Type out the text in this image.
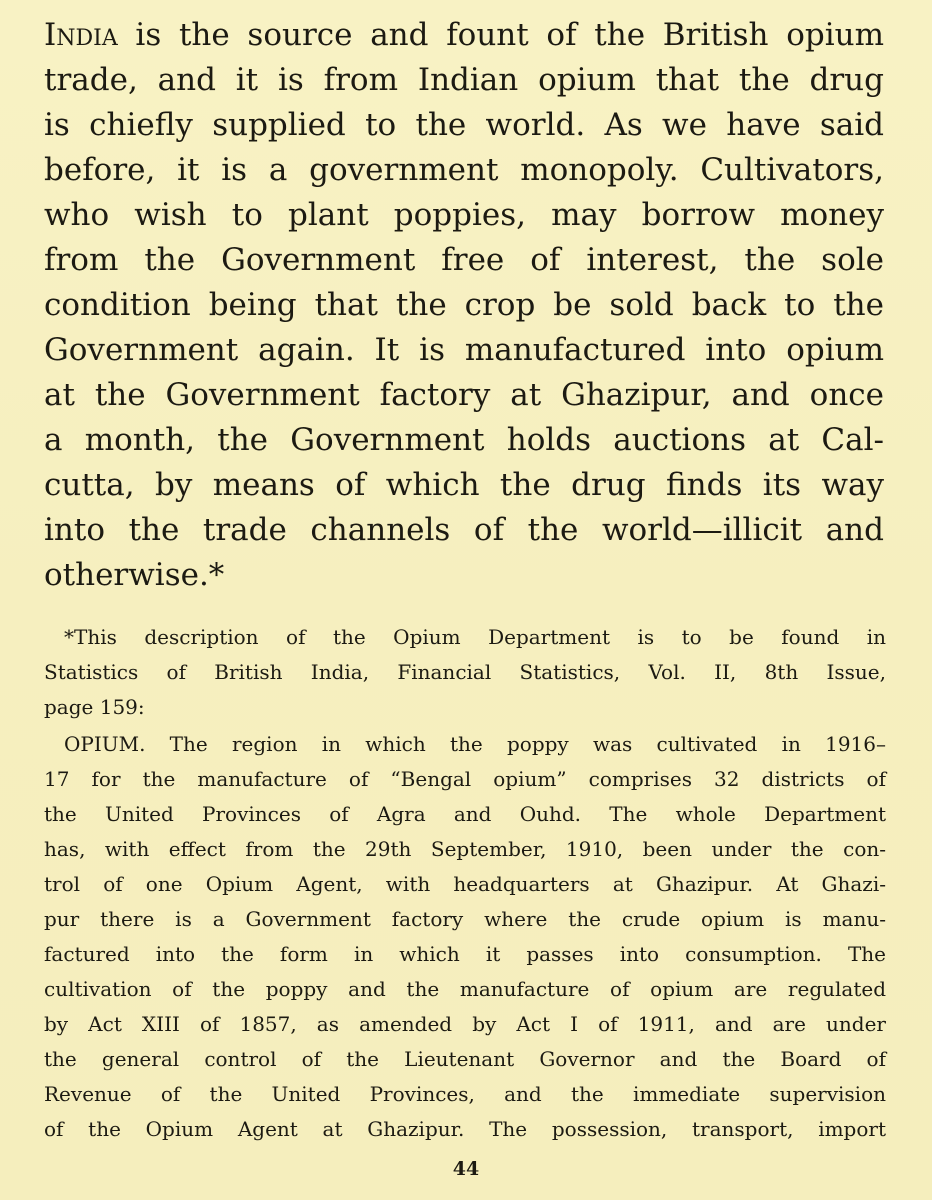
India is the source and fount of the British opium
trade, and it is from Indian opium that the drug
is chiefly supplied to the world. As we have said
before, it is a government monopoly. Cultivators,
who wish to plant poppies, may borrow money
from the Government free of interest, the sole
condition being that the crop be sold back to the
Government again. It is manufactured into opium
at the Government factory at Ghazipur, and once
a month, the Government holds auctions at Cal-
cutta, by means of which the drug finds its way
into the trade channels of the world—illicit and
otherwise.*
*This description of the Opium Department is to be found in
Statistics of British India, Financial Statistics, Vol. II, 8th Issue,
page 159:
OPIUM. The region in which the poppy was cultivated in 1916–
17 for the manufacture of “Bengal opium” comprises 32 districts of
the United Provinces of Agra and Ouhd. The whole Department
has, with effect from the 29th September, 1910, been under the con-
trol of one Opium Agent, with headquarters at Ghazipur. At Ghazi-
pur there is a Government factory where the crude opium is manu-
factured into the form in which it passes into consumption. The
cultivation of the poppy and the manufacture of opium are regulated
by Act XIII of 1857, as amended by Act I of 1911, and are under
the general control of the Lieutenant Governor and the Board of
Revenue of the United Provinces, and the immediate supervision
of the Opium Agent at Ghazipur. The possession, transport, import
44
